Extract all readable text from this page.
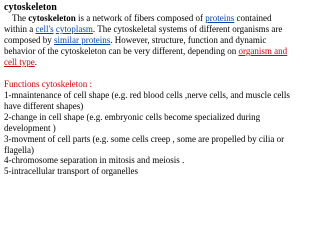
cytoskeleton

The cytoskeleton is a network of fibers composed of proteins contained within a cell's cytoplasm. The cytoskeletal systems of different organisms are composed by similar proteins. However, structure, function and dynamic behavior of the cytoskeleton can be very different, depending on organism and cell type.

Functions cytoskeleton :

1-mnaintenance of cell shape (e.g. red blood cells ,nerve cells, and muscle cells have different shapes)
2-change in cell shape (e.g. embryonic cells become specialized during development )
3-movment of cell parts (e.g. some cells creep , some are propelled by cilia or flagella)
4-chromosome separation in mitosis and meiosis .
5-intracellular transport of organelles
